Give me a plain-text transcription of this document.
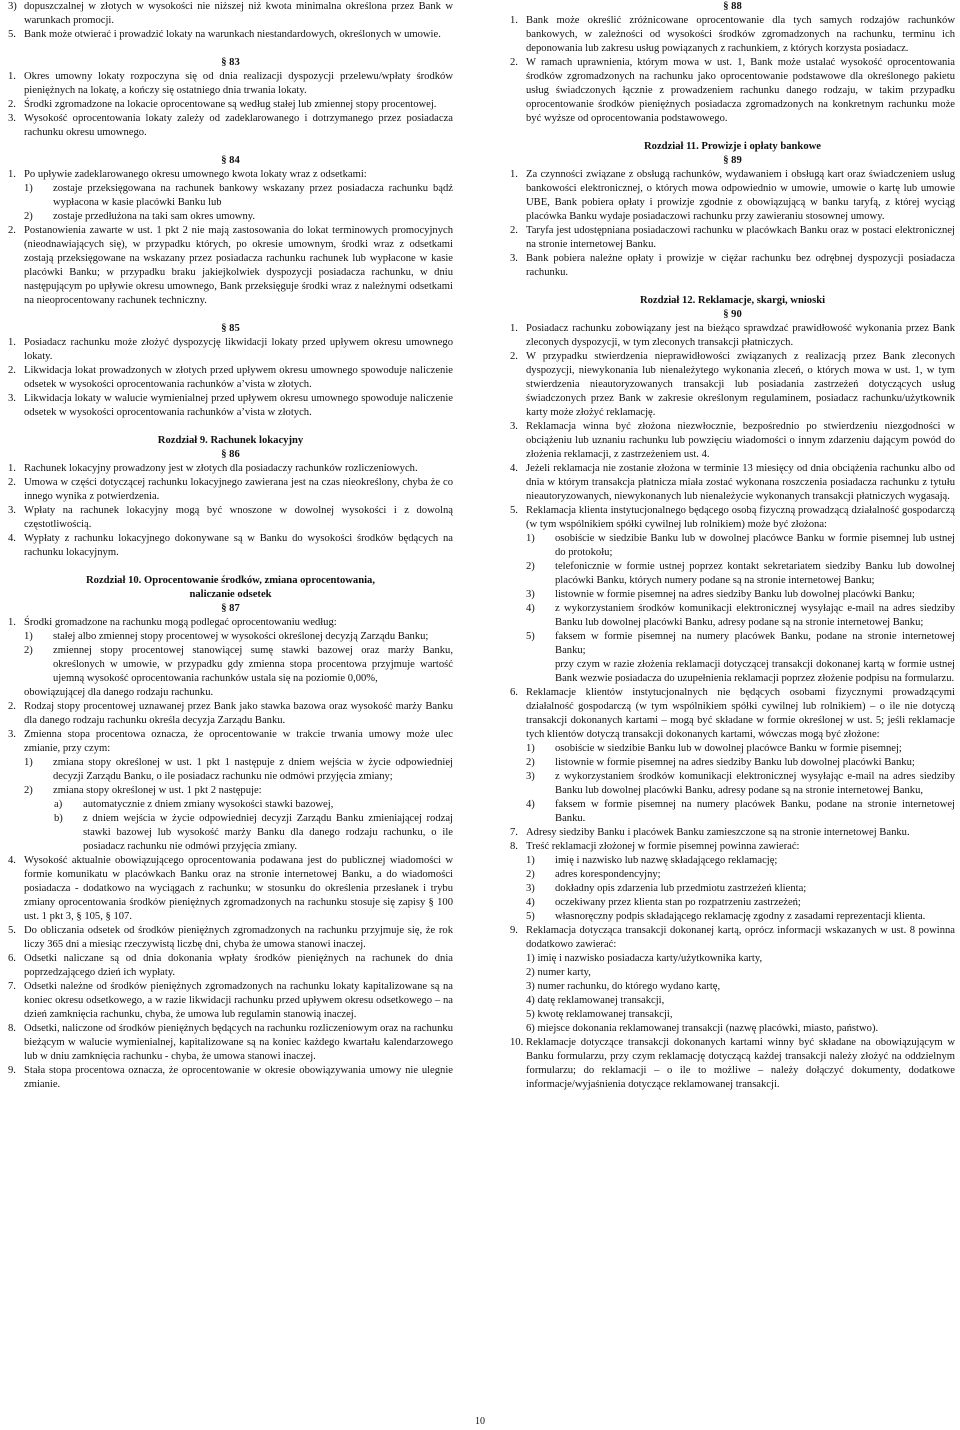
3) dopuszczalnej w złotych w wysokości nie niższej niż kwota minimalna określona przez Bank w warunkach promocji.

5. Bank może otwierać i prowadzić lokaty na warunkach niestandardowych, określonych w umowie.

§ 83

1. Okres umowny lokaty rozpoczyna się od dnia realizacji dyspozycji przelewu/wpłaty środków pieniężnych na lokatę, a kończy się ostatniego dnia trwania lokaty.

2. Środki zgromadzone na lokacie oprocentowane są według stałej lub zmiennej stopy procentowej.

3. Wysokość oprocentowania lokaty zależy od zadeklarowanego i dotrzymanego przez posiadacza rachunku okresu umownego.

§ 84

1. Po upływie zadeklarowanego okresu umownego kwota lokaty wraz z odsetkami:

1) zostaje przeksięgowana na rachunek bankowy wskazany przez posiadacza rachunku bądź wypłacona w kasie placówki Banku lub

2) zostaje przedłużona na taki sam okres umowny.

2. Postanowienia zawarte w ust. 1 pkt 2 nie mają zastosowania do lokat terminowych promocyjnych (nieodnawiających się), w przypadku których, po okresie umownym, środki wraz z odsetkami zostają przeksięgowane na wskazany przez posiadacza rachunku rachunek lub wypłacone w kasie placówki Banku; w przypadku braku jakiejkolwiek dyspozycji posiadacza rachunku, w dniu następującym po upływie okresu umownego, Bank przeksięguje środki wraz z należnymi odsetkami na nieoprocentowany rachunek techniczny.

§ 85

1. Posiadacz rachunku może złożyć dyspozycję likwidacji lokaty przed upływem okresu umownego lokaty.

2. Likwidacja lokat prowadzonych w złotych przed upływem okresu umownego spowoduje naliczenie odsetek w wysokości oprocentowania rachunków a’vista w złotych.

3. Likwidacja lokaty w walucie wymienialnej przed upływem okresu umownego spowoduje naliczenie odsetek w wysokości oprocentowania rachunków a’vista w złotych.

Rozdział 9. Rachunek lokacyjny

§ 86

1. Rachunek lokacyjny prowadzony jest w złotych dla posiadaczy rachunków rozliczeniowych.

2. Umowa w części dotyczącej rachunku lokacyjnego zawierana jest na czas nieokreślony, chyba że co innego wynika z potwierdzenia.

3. Wpłaty na rachunek lokacyjny mogą być wnoszone w dowolnej wysokości i z dowolną częstotliwością.

4. Wypłaty z rachunku lokacyjnego dokonywane są w Banku do wysokości środków będących na rachunku lokacyjnym.

Rozdział 10. Oprocentowanie środków, zmiana oprocentowania,

naliczanie odsetek

§ 87

1. Środki gromadzone na rachunku mogą podlegać oprocentowaniu według:

1) stałej albo zmiennej stopy procentowej w wysokości określonej decyzją Zarządu Banku;

2) zmiennej stopy procentowej stanowiącej sumę stawki bazowej oraz marży Banku, określonych w umowie, w przypadku gdy zmienna stopa procentowa przyjmuje wartość ujemną wysokość oprocentowania rachunków ustala się na poziomie 0,00%,

obowiązującej dla danego rodzaju rachunku.

2. Rodzaj stopy procentowej uznawanej przez Bank jako stawka bazowa oraz wysokość marży Banku dla danego rodzaju rachunku określa decyzja Zarządu Banku.

3. Zmienna stopa procentowa oznacza, że oprocentowanie w trakcie trwania umowy może ulec zmianie, przy czym:

1) zmiana stopy określonej w ust. 1 pkt 1 następuje z dniem wejścia w życie odpowiedniej decyzji Zarządu Banku, o ile posiadacz rachunku nie odmówi przyjęcia zmiany;

2) zmiana stopy określonej w ust. 1 pkt 2 następuje:

a) automatycznie z dniem zmiany wysokości stawki bazowej,

b) z dniem wejścia w życie odpowiedniej decyzji Zarządu Banku zmieniającej rodzaj stawki bazowej lub wysokość marży Banku dla danego rodzaju rachunku, o ile posiadacz rachunku nie odmówi przyjęcia zmiany.

4. Wysokość aktualnie obowiązującego oprocentowania podawana jest do publicznej wiadomości w formie komunikatu w placówkach Banku oraz na stronie internetowej Banku, a do wiadomości posiadacza - dodatkowo na wyciągach z rachunku; w stosunku do określenia przesłanek i trybu zmiany oprocentowania środków pieniężnych zgromadzonych na rachunku stosuje się zapisy § 100 ust. 1 pkt 3, § 105, § 107.

5. Do obliczania odsetek od środków pieniężnych zgromadzonych na rachunku przyjmuje się, że rok liczy 365 dni a miesiąc rzeczywistą liczbę dni, chyba że umowa stanowi inaczej.

6. Odsetki naliczane są od dnia dokonania wpłaty środków pieniężnych na rachunek do dnia poprzedzającego dzień ich wypłaty.

7. Odsetki należne od środków pieniężnych zgromadzonych na rachunku lokaty kapitalizowane są na koniec okresu odsetkowego, a w razie likwidacji rachunku przed upływem okresu odsetkowego – na dzień zamknięcia rachunku, chyba, że umowa lub regulamin stanowią inaczej.

8. Odsetki, naliczone od środków pieniężnych będących na rachunku rozliczeniowym oraz na rachunku bieżącym w walucie wymienialnej, kapitalizowane są na koniec każdego kwartału kalendarzowego lub w dniu zamknięcia rachunku - chyba, że umowa stanowi inaczej.

9. Stała stopa procentowa oznacza, że oprocentowanie w okresie obowiązywania umowy nie ulegnie zmianie.

§ 88

1. Bank może określić zróżnicowane oprocentowanie dla tych samych rodzajów rachunków bankowych, w zależności od wysokości środków zgromadzonych na rachunku, terminu ich deponowania lub zakresu usług powiązanych z rachunkiem, z których korzysta posiadacz.

2. W ramach uprawnienia, którym mowa w ust. 1, Bank może ustalać wysokość oprocentowania środków zgromadzonych na rachunku jako oprocentowanie podstawowe dla określonego pakietu usług świadczonych łącznie z prowadzeniem rachunku danego rodzaju, w takim przypadku oprocentowanie środków pieniężnych posiadacza zgromadzonych na konkretnym rachunku może być wyższe od oprocentowania podstawowego.

Rozdział 11. Prowizje i opłaty bankowe

§ 89

1. Za czynności związane z obsługą rachunków, wydawaniem i obsługą kart oraz świadczeniem usług bankowości elektronicznej, o których mowa odpowiednio w umowie, umowie o kartę lub umowie UBE, Bank pobiera opłaty i prowizje zgodnie z obowiązującą w banku taryfą, z której wyciąg placówka Banku wydaje posiadaczowi rachunku przy zawieraniu stosownej umowy.

2. Taryfa jest udostępniana posiadaczowi rachunku w placówkach Banku oraz w postaci elektronicznej na stronie internetowej Banku.

3. Bank pobiera należne opłaty i prowizje w ciężar rachunku bez odrębnej dyspozycji posiadacza rachunku.

Rozdział 12. Reklamacje, skargi, wnioski

§ 90

1. Posiadacz rachunku zobowiązany jest na bieżąco sprawdzać prawidłowość wykonania przez Bank zleconych dyspozycji, w tym zleconych transakcji płatniczych.

2. W przypadku stwierdzenia nieprawidłowości związanych z realizacją przez Bank zleconych dyspozycji, niewykonania lub nienależytego wykonania zleceń, o których mowa w ust. 1, w tym stwierdzenia nieautoryzowanych transakcji lub posiadania zastrzeżeń dotyczących usług świadczonych przez Bank w zakresie określonym regulaminem, posiadacz rachunku/użytkownik karty może złożyć reklamację.

3. Reklamacja winna być złożona niezwłocznie, bezpośrednio po stwierdzeniu niezgodności w obciążeniu lub uznaniu rachunku lub powzięciu wiadomości o innym zdarzeniu dającym powód do złożenia reklamacji, z zastrzeżeniem ust. 4.

4. Jeżeli reklamacja nie zostanie złożona w terminie 13 miesięcy od dnia obciążenia rachunku albo od dnia w którym transakcja płatnicza miała zostać wykonana roszczenia posiadacza rachunku z tytułu nieautoryzowanych, niewykonanych lub nienależycie wykonanych transakcji płatniczych wygasają.

5. Reklamacja klienta instytucjonalnego będącego osobą fizyczną prowadzącą działalność gospodarczą (w tym wspólnikiem spółki cywilnej lub rolnikiem) może być złożona:

1) osobiście w siedzibie Banku lub w dowolnej placówce Banku w formie pisemnej lub ustnej do protokołu;

2) telefonicznie w formie ustnej poprzez kontakt sekretariatem siedziby Banku lub dowolnej placówki Banku, których numery podane są na stronie internetowej Banku;

3) listownie w formie pisemnej na adres siedziby Banku lub dowolnej placówki Banku;

4) z wykorzystaniem środków komunikacji elektronicznej wysyłając e-mail na adres siedziby Banku lub dowolnej placówki Banku, adresy podane są na stronie internetowej Banku;

5) faksem w formie pisemnej na numery placówek Banku, podane na stronie internetowej Banku;

przy czym w razie złożenia reklamacji dotyczącej transakcji dokonanej kartą w formie ustnej Bank wezwie posiadacza do uzupełnienia reklamacji poprzez złożenie podpisu na formularzu.

6. Reklamacje klientów instytucjonalnych nie będących osobami fizycznymi prowadzącymi działalność gospodarczą (w tym wspólnikiem spółki cywilnej lub rolnikiem) – o ile nie dotyczą transakcji dokonanych kartami – mogą być składane w formie określonej w ust. 5; jeśli reklamacje tych klientów dotyczą transakcji dokonanych kartami, wówczas mogą być złożone:

1) osobiście w siedzibie Banku lub w dowolnej placówce Banku w formie pisemnej;

2) listownie w formie pisemnej na adres siedziby Banku lub dowolnej placówki Banku;

3) z wykorzystaniem środków komunikacji elektronicznej wysyłając e-mail na adres siedziby Banku lub dowolnej placówki Banku, adresy podane są na stronie internetowej Banku,

4) faksem w formie pisemnej na numery placówek Banku, podane na stronie internetowej Banku.

7. Adresy siedziby Banku i placówek Banku zamieszczone są na stronie internetowej Banku.

8. Treść reklamacji złożonej w formie pisemnej powinna zawierać:

1) imię i nazwisko lub nazwę składającego reklamację;

2) adres korespondencyjny;

3) dokładny opis zdarzenia lub przedmiotu zastrzeżeń klienta;

4) oczekiwany przez klienta stan po rozpatrzeniu zastrzeżeń;

5) własnoręczny podpis składającego reklamację zgodny z zasadami reprezentacji klienta.

9. Reklamacja dotycząca transakcji dokonanej kartą, oprócz informacji wskazanych w ust. 8 powinna dodatkowo zawierać:

1) imię i nazwisko posiadacza karty/użytkownika karty,

2) numer karty,

3) numer rachunku, do którego wydano kartę,

4) datę reklamowanej transakcji,

5) kwotę reklamowanej transakcji,

6) miejsce dokonania reklamowanej transakcji (nazwę placówki, miasto, państwo).

10. Reklamacje dotyczące transakcji dokonanych kartami winny być składane na obowiązującym w Banku formularzu, przy czym reklamację dotyczącą każdej transakcji należy złożyć na oddzielnym formularzu; do reklamacji – o ile to możliwe – należy dołączyć dokumenty, dodatkowe informacje/wyjaśnienia dotyczące reklamowanej transakcji.

10
